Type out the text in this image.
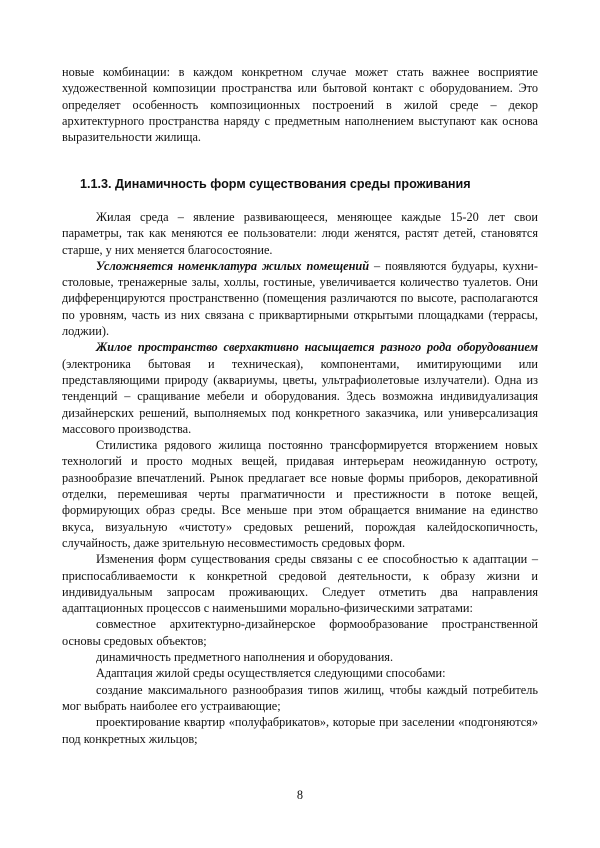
новые комбинации: в каждом конкретном случае может стать важнее восприятие художественной композиции пространства или бытовой контакт с оборудованием. Это определяет особенность композиционных построений в жилой среде – декор архитектурного пространства наряду с предметным наполнением выступают как основа выразительности жилища.

1.1.3. Динамичность форм существования среды проживания

Жилая среда – явление развивающееся, меняющее каждые 15-20 лет свои параметры, так как меняются ее пользователи: люди женятся, растят детей, становятся старше, у них меняется благосостояние.

Усложняется номенклатура жилых помещений – появляются будуары, кухни-столовые, тренажерные залы, холлы, гостиные, увеличивается количество туалетов. Они дифференцируются пространственно (помещения различаются по высоте, располагаются по уровням, часть из них связана с приквартирными открытыми площадками (террасы, лоджии).

Жилое пространство сверхактивно насыщается разного рода оборудованием (электроника бытовая и техническая), компонентами, имитирующими или представляющими природу (аквариумы, цветы, ультрафиолетовые излучатели). Одна из тенденций – сращивание мебели и оборудования. Здесь возможна индивидуализация дизайнерских решений, выполняемых под конкретного заказчика, или универсализация массового производства.

Стилистика рядового жилища постоянно трансформируется вторжением новых технологий и просто модных вещей, придавая интерьерам неожиданную остроту, разнообразие впечатлений. Рынок предлагает все новые формы приборов, декоративной отделки, перемешивая черты прагматичности и престижности в потоке вещей, формирующих образ среды. Все меньше при этом обращается внимание на единство вкуса, визуальную «чистоту» средовых решений, порождая калейдоскопичность, случайность, даже зрительную несовместимость средовых форм.

Изменения форм существования среды связаны с ее способностью к адаптации – приспосабливаемости к конкретной средовой деятельности, к образу жизни и индивидуальным запросам проживающих. Следует отметить два направления адаптационных процессов с наименьшими морально-физическими затратами:

совместное архитектурно-дизайнерское формообразование пространственной основы средовых объектов;

динамичность предметного наполнения и оборудования.

Адаптация жилой среды осуществляется следующими способами:

создание максимального разнообразия типов жилищ, чтобы каждый потребитель мог выбрать наиболее его устраивающие;

проектирование квартир «полуфабрикатов», которые при заселении «подгоняются» под конкретных жильцов;

8
